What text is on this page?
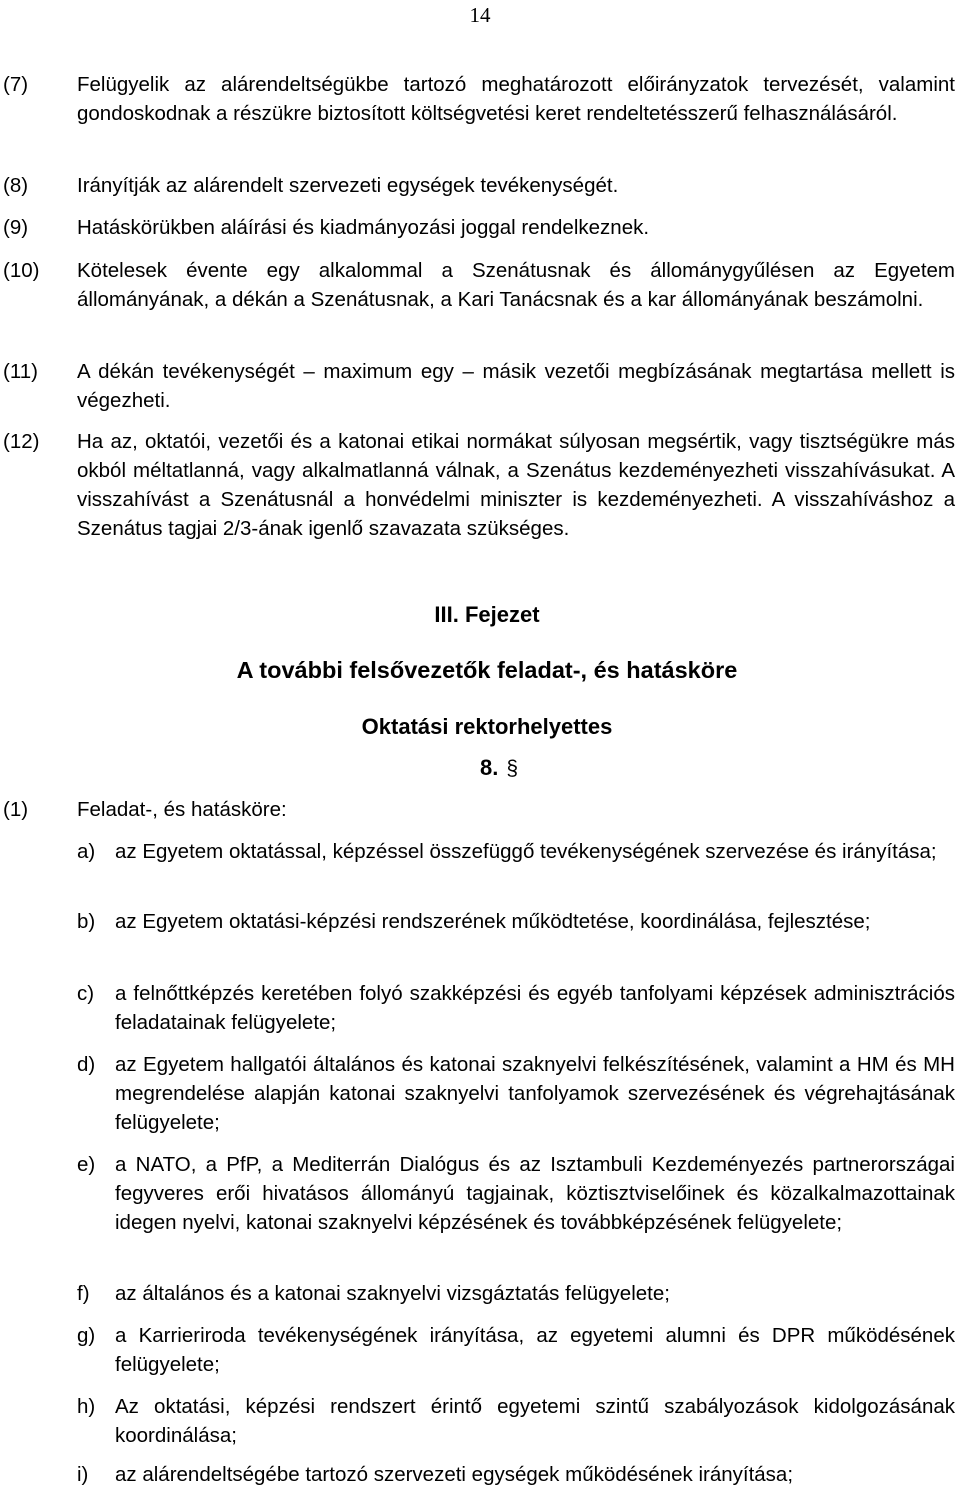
14
(7) Felügyelik az alárendeltségükbe tartozó meghatározott előirányzatok tervezését, valamint gondoskodnak a részükre biztosított költségvetési keret rendeltetésszerű felhasználásáról.
(8) Irányítják az alárendelt szervezeti egységek tevékenységét.
(9) Hatáskörükben aláírási és kiadmányozási joggal rendelkeznek.
(10) Kötelesek évente egy alkalommal a Szenátusnak és állománygyűlésen az Egyetem állományának, a dékán a Szenátusnak, a Kari Tanácsnak és a kar állományának beszámolni.
(11) A dékán tevékenységét – maximum egy – másik vezetői megbízásának megtartása mellett is végezheti.
(12) Ha az, oktatói, vezetői és a katonai etikai normákat súlyosan megsértik, vagy tisztségükre más okból méltatlanná, vagy alkalmatlanná válnak, a Szenátus kezdeményezheti visszahívásukat. A visszahívást a Szenátusnál a honvédelmi miniszter is kezdeményezheti. A visszahíváshoz a Szenátus tagjai 2/3-ának igenlő szavazata szükséges.
III. Fejezet
A további felsővezetők feladat-, és hatásköre
Oktatási rektorhelyettes
8. §
(1) Feladat-, és hatásköre:
a) az Egyetem oktatással, képzéssel összefüggő tevékenységének szervezése és irányítása;
b) az Egyetem oktatási-képzési rendszerének működtetése, koordinálása, fejlesztése;
c) a felnőttképzés keretében folyó szakképzési és egyéb tanfolyami képzések adminisztrációs feladatainak felügyelete;
d) az Egyetem hallgatói általános és katonai szaknyelvi felkészítésének, valamint a HM és MH megrendelése alapján katonai szaknyelvi tanfolyamok szervezésének és végrehajtásának felügyelete;
e) a NATO, a PfP, a Mediterrán Dialógus és az Isztambuli Kezdeményezés partnerországai fegyveres erői hivatásos állományú tagjainak, köztisztviselőinek és közalkalmazottainak idegen nyelvi, katonai szaknyelvi képzésének és továbbképzésének felügyelete;
f) az általános és a katonai szaknyelvi vizsgáztatás felügyelete;
g) a Karrieriroda tevékenységének irányítása, az egyetemi alumni és DPR működésének felügyelete;
h) Az oktatási, képzési rendszert érintő egyetemi szintű szabályozások kidolgozásának koordinálása;
i) az alárendeltségébe tartozó szervezeti egységek működésének irányítása;
